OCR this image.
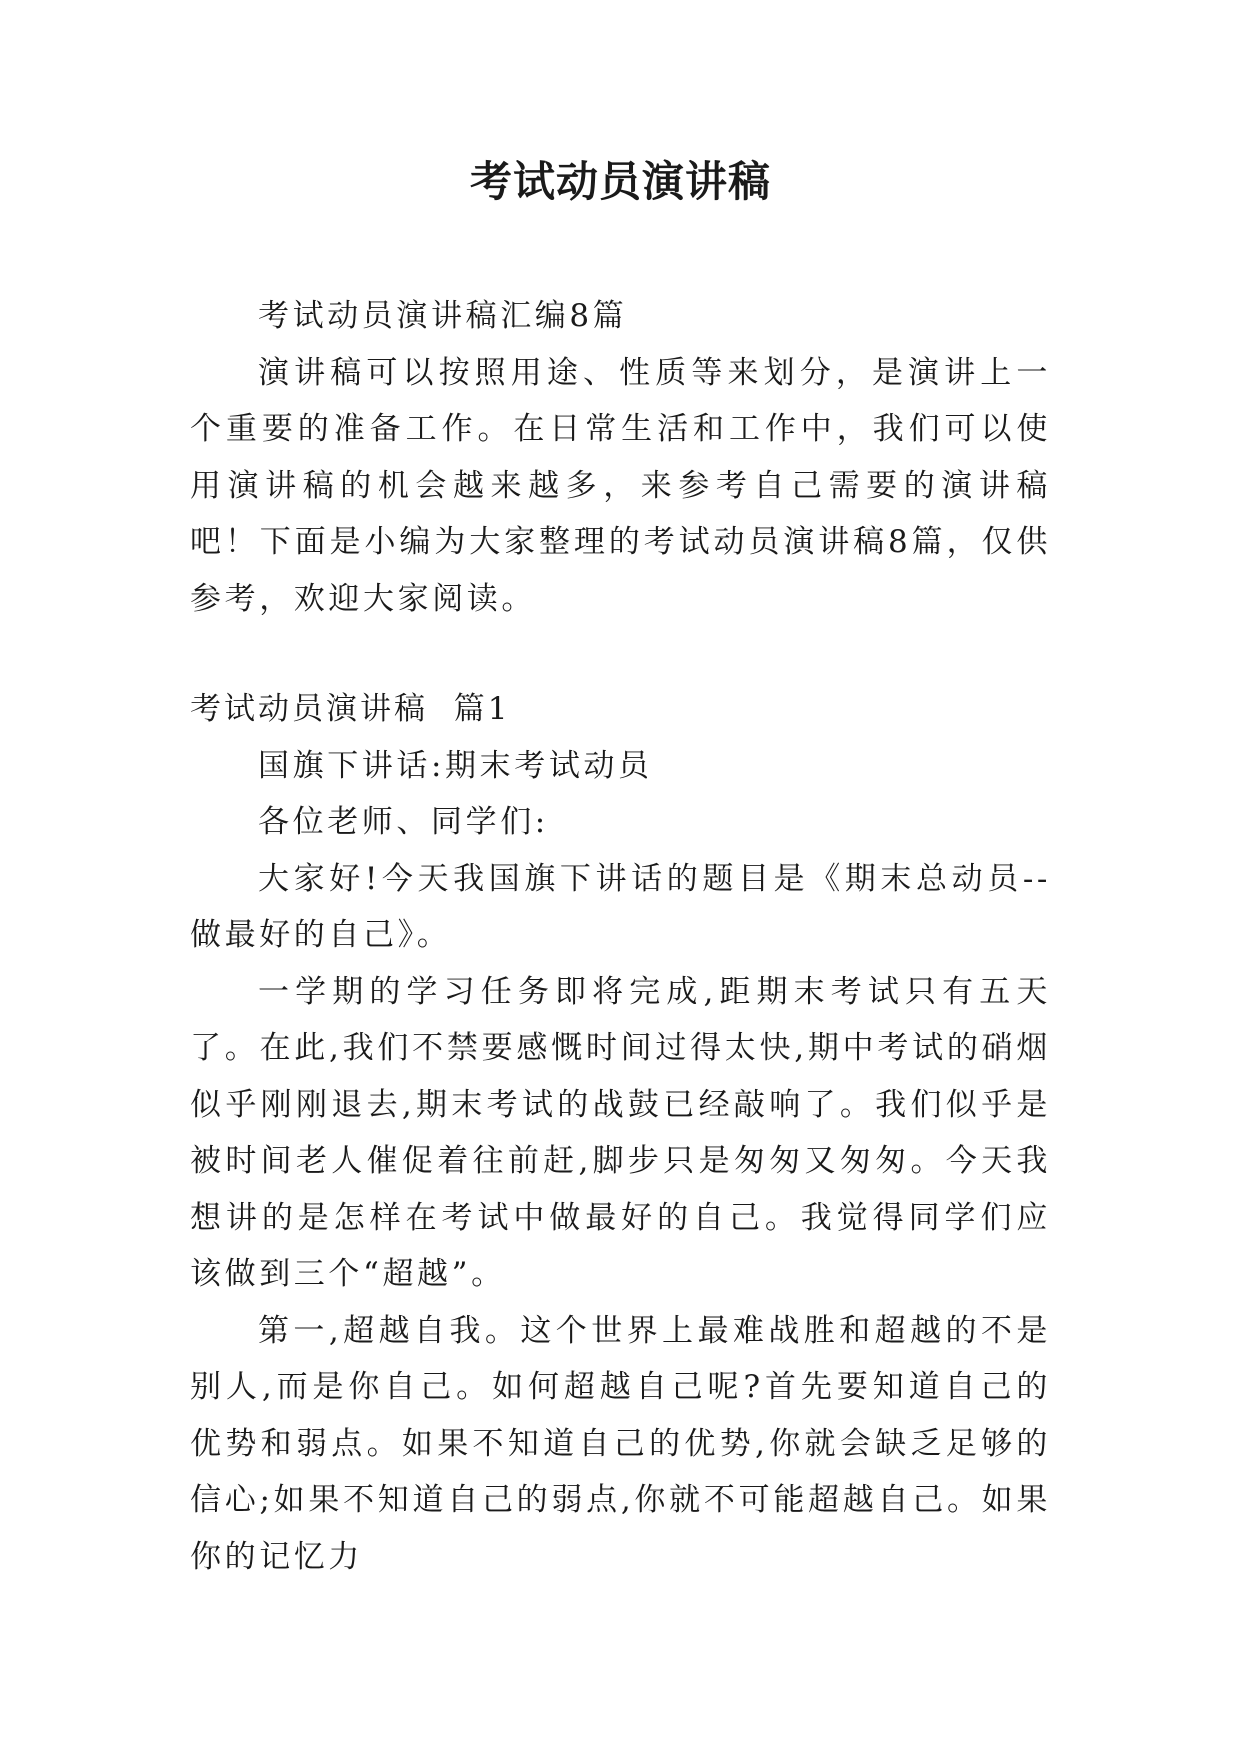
考试动员演讲稿

考试动员演讲稿汇编8篇

演讲稿可以按照用途、性质等来划分，是演讲上一个重要的准备工作。在日常生活和工作中，我们可以使用演讲稿的机会越来越多，来参考自己需要的演讲稿吧！下面是小编为大家整理的考试动员演讲稿8篇，仅供参考，欢迎大家阅读。

考试动员演讲稿  篇1

国旗下讲话:期末考试动员

各位老师、同学们:

大家好!今天我国旗下讲话的题目是《期末总动员--做最好的自己》。

一学期的学习任务即将完成,距期末考试只有五天了。在此,我们不禁要感慨时间过得太快,期中考试的硝烟似乎刚刚退去,期末考试的战鼓已经敲响了。我们似乎是被时间老人催促着往前赶,脚步只是匆匆又匆匆。今天我想讲的是怎样在考试中做最好的自己。我觉得同学们应该做到三个“超越”。

第一,超越自我。这个世界上最难战胜和超越的不是别人,而是你自己。如何超越自己呢?首先要知道自己的优势和弱点。如果不知道自己的优势,你就会缺乏足够的信心;如果不知道自己的弱点,你就不可能超越自己。如果你的记忆力
